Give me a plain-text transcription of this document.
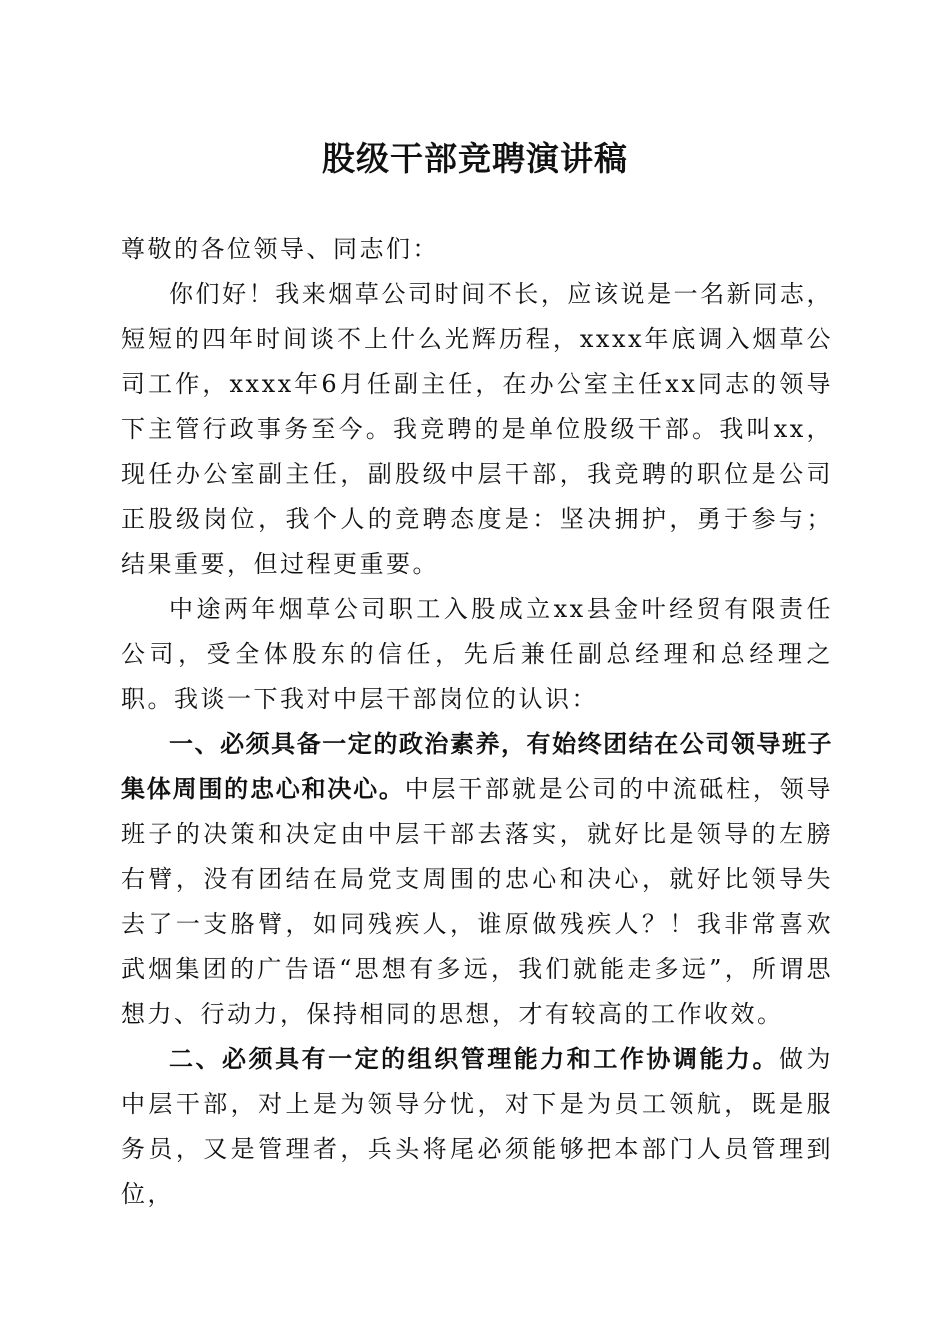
股级干部竞聘演讲稿

尊敬的各位领导、同志们：

你们好！我来烟草公司时间不长，应该说是一名新同志，短短的四年时间谈不上什么光辉历程，xxxx年底调入烟草公司工作，xxxx年6月任副主任，在办公室主任xx同志的领导下主管行政事务至今。我竞聘的是单位股级干部。我叫xx，现任办公室副主任，副股级中层干部，我竞聘的职位是公司正股级岗位，我个人的竞聘态度是：坚决拥护，勇于参与；结果重要，但过程更重要。

中途两年烟草公司职工入股成立xx县金叶经贸有限责任公司，受全体股东的信任，先后兼任副总经理和总经理之职。我谈一下我对中层干部岗位的认识：

一、必须具备一定的政治素养，有始终团结在公司领导班子集体周围的忠心和决心。中层干部就是公司的中流砥柱，领导班子的决策和决定由中层干部去落实，就好比是领导的左膀右臂，没有团结在局党支周围的忠心和决心，就好比领导失去了一支胳臂，如同残疾人，谁原做残疾人？！我非常喜欢武烟集团的广告语“思想有多远，我们就能走多远”，所谓思想力、行动力，保持相同的思想，才有较高的工作收效。

二、必须具有一定的组织管理能力和工作协调能力。做为中层干部，对上是为领导分忧，对下是为员工领航，既是服务员，又是管理者，兵头将尾必须能够把本部门人员管理到位，
